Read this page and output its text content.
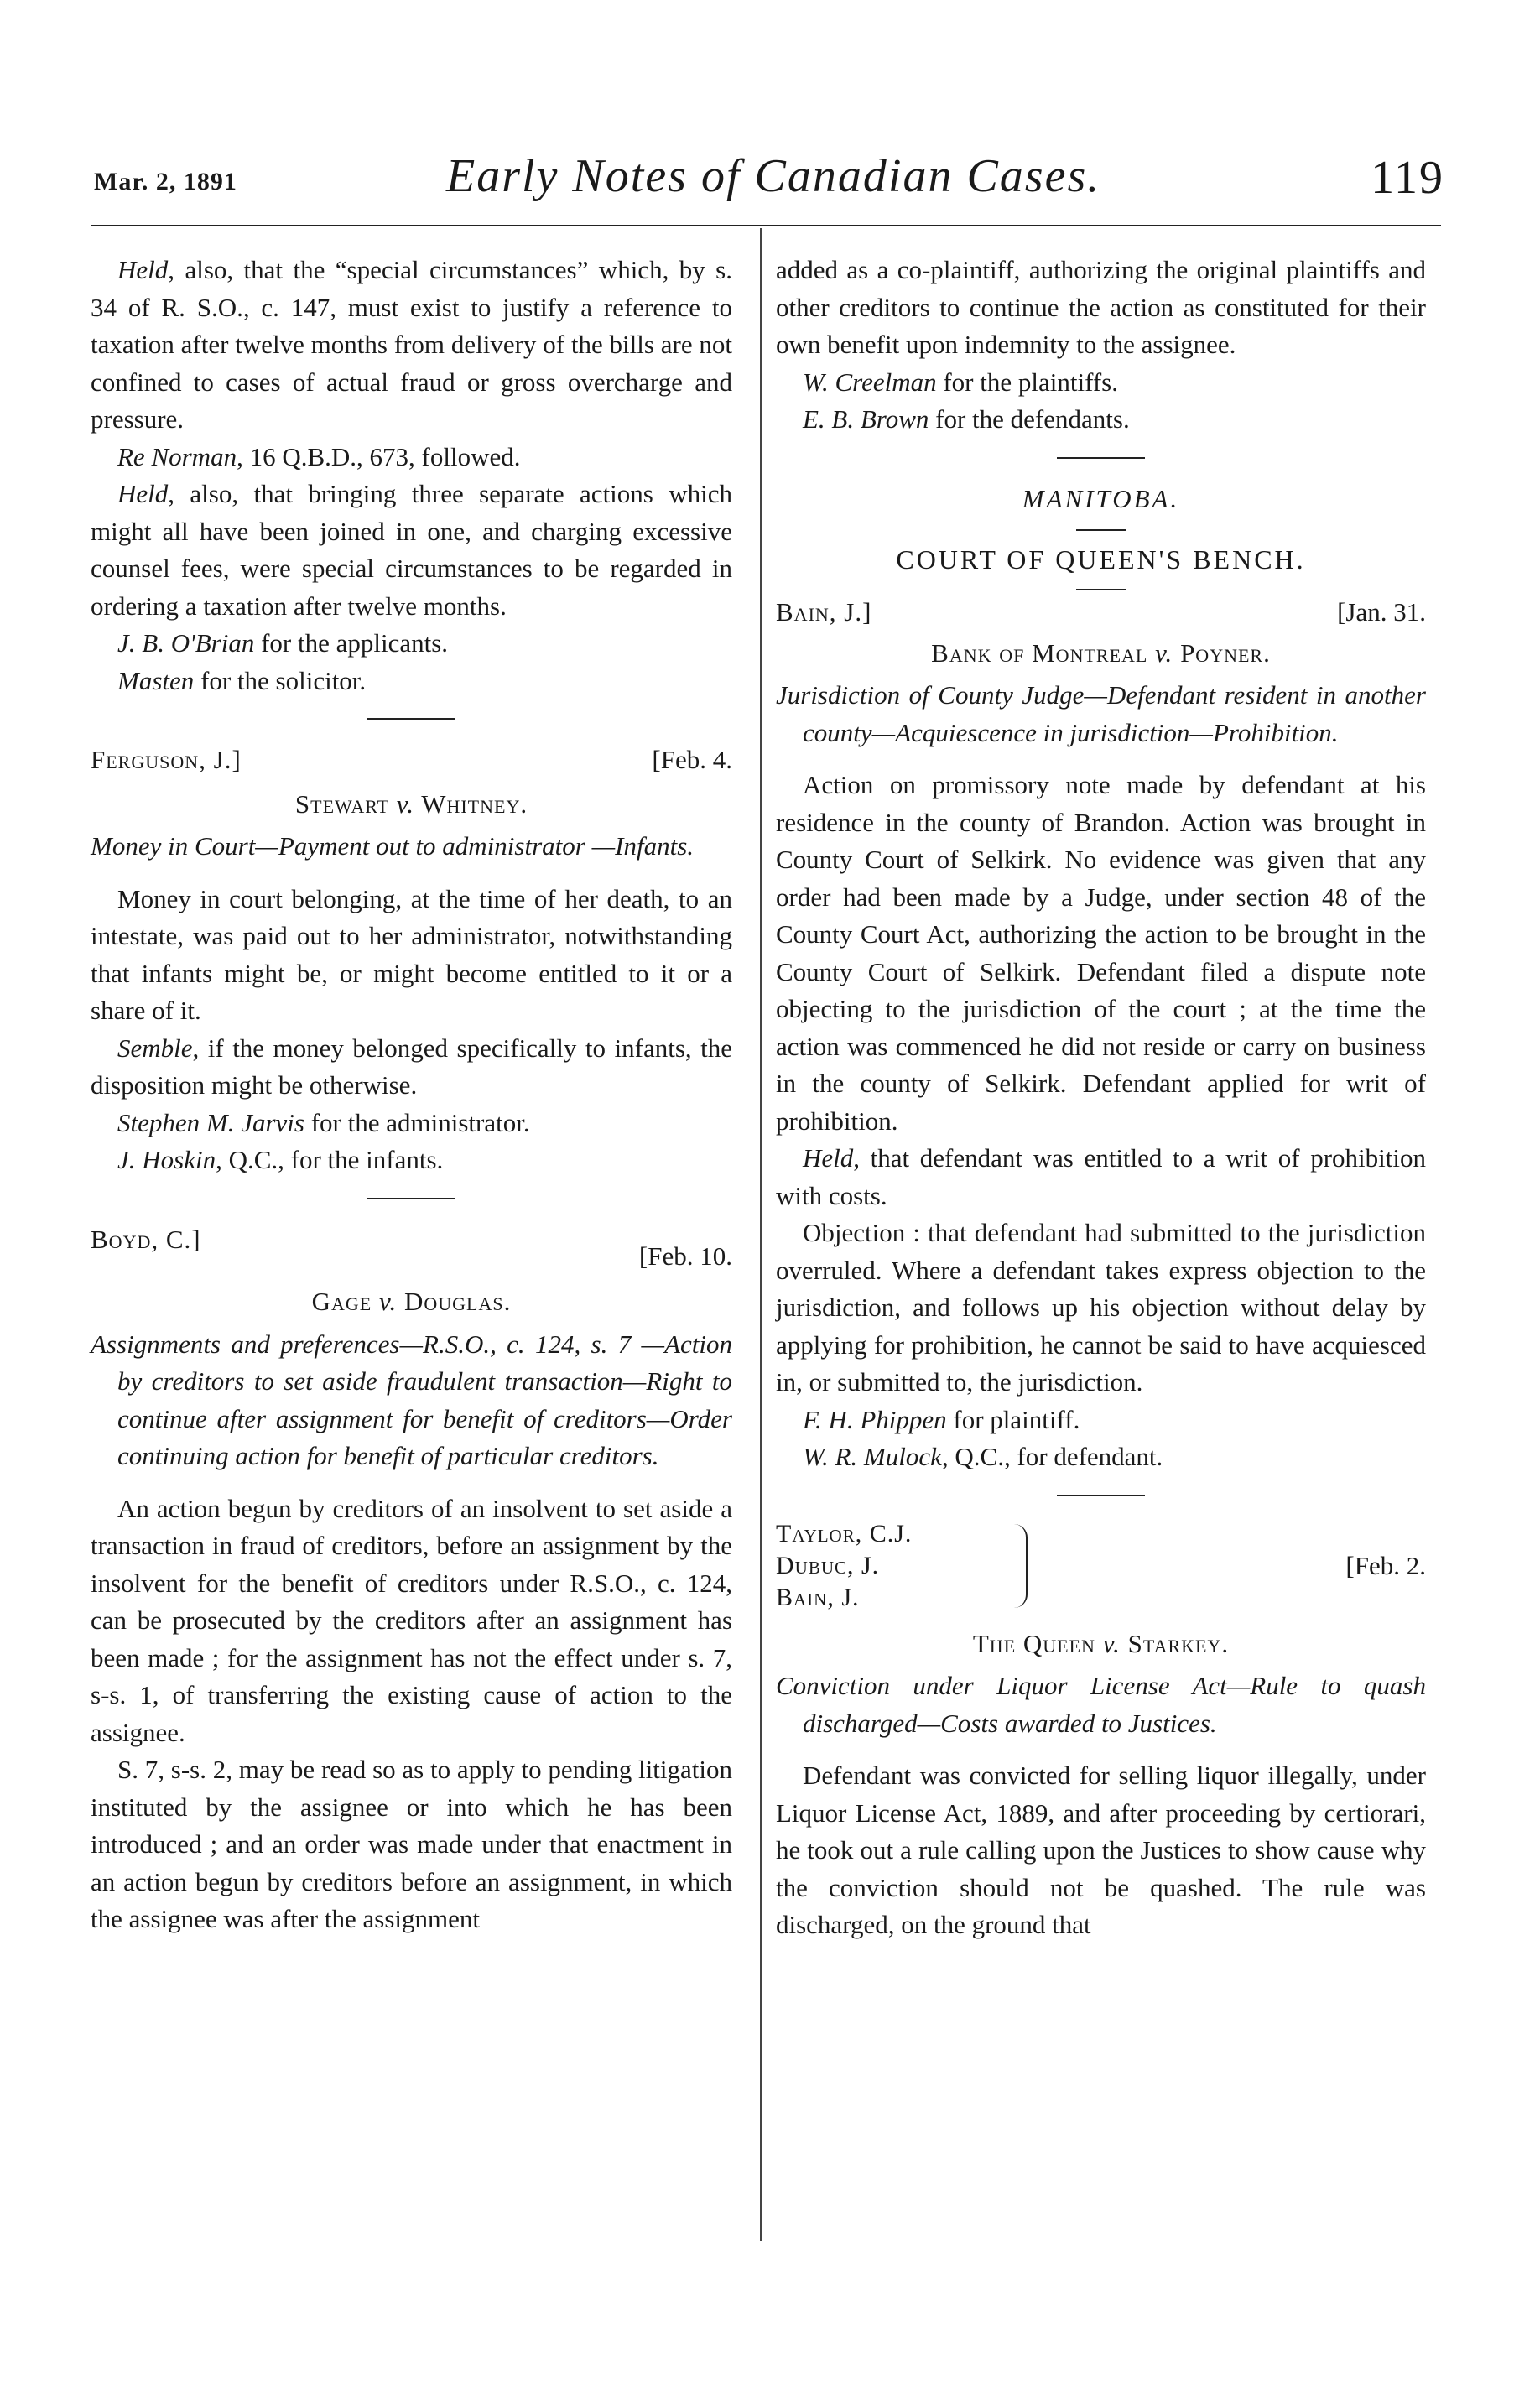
Mar. 2, 1891	Early Notes of Canadian Cases.	119

Held, also, that the “special circumstances” which, by s. 34 of R. S.O., c. 147, must exist to justify a reference to taxation after twelve months from delivery of the bills are not confined to cases of actual fraud or gross overcharge and pressure.

Re Norman, 16 Q.B.D., 673, followed.

Held, also, that bringing three separate actions which might all have been joined in one, and charging excessive counsel fees, were special circumstances to be regarded in ordering a taxation after twelve months.

J. B. O'Brian for the applicants.

Masten for the solicitor.

Ferguson, J.]	[Feb. 4.

Stewart v. Whitney.

Money in Court—Payment out to administrator —Infants.

Money in court belonging, at the time of her death, to an intestate, was paid out to her administrator, notwithstanding that infants might be, or might become entitled to it or a share of it.

Semble, if the money belonged specifically to infants, the disposition might be otherwise.

Stephen M. Jarvis for the administrator.

J. Hoskin, Q.C., for the infants.

Boyd, C.]
[Feb. 10.

Gage v. Douglas.

Assignments and preferences—R.S.O., c. 124, s. 7 —Action by creditors to set aside fraudulent transaction—Right to continue after assignment for benefit of creditors—Order continuing action for benefit of particular creditors.

An action begun by creditors of an insolvent to set aside a transaction in fraud of creditors, before an assignment by the insolvent for the benefit of creditors under R.S.O., c. 124, can be prosecuted by the creditors after an assignment has been made ; for the assignment has not the effect under s. 7, s-s. 1, of transferring the existing cause of action to the assignee.

S. 7, s-s. 2, may be read so as to apply to pending litigation instituted by the assignee or into which he has been introduced ; and an order was made under that enactment in an action begun by creditors before an assignment, in which the assignee was after the assignment

added as a co-plaintiff, authorizing the original plaintiffs and other creditors to continue the action as constituted for their own benefit upon indemnity to the assignee.

W. Creelman for the plaintiffs.

E. B. Brown for the defendants.

MANITOBA.

COURT OF QUEEN'S BENCH.
Bain, J.]	[Jan. 31.

Bank of Montreal v. Poyner.

Jurisdiction of County Judge—Defendant resident in another county—Acquiescence in jurisdiction—Prohibition.

Action on promissory note made by defendant at his residence in the county of Brandon. Action was brought in County Court of Selkirk. No evidence was given that any order had been made by a Judge, under section 48 of the County Court Act, authorizing the action to be brought in the County Court of Selkirk. Defendant filed a dispute note objecting to the jurisdiction of the court ; at the time the action was commenced he did not reside or carry on business in the county of Selkirk. Defendant applied for writ of prohibition.

Held, that defendant was entitled to a writ of prohibition with costs.

Objection : that defendant had submitted to the jurisdiction overruled. Where a defendant takes express objection to the jurisdiction, and follows up his objection without delay by applying for prohibition, he cannot be said to have acquiesced in, or submitted to, the jurisdiction.

F. H. Phippen for plaintiff.

W. R. Mulock, Q.C., for defendant.

Taylor, C.J.
Dubuc, J.
Bain, J.
[Feb. 2.

The Queen v. Starkey.

Conviction under Liquor License Act—Rule to quash discharged—Costs awarded to Justices.

Defendant was convicted for selling liquor illegally, under Liquor License Act, 1889, and after proceeding by certiorari, he took out a rule calling upon the Justices to show cause why the conviction should not be quashed. The rule was discharged, on the ground that
